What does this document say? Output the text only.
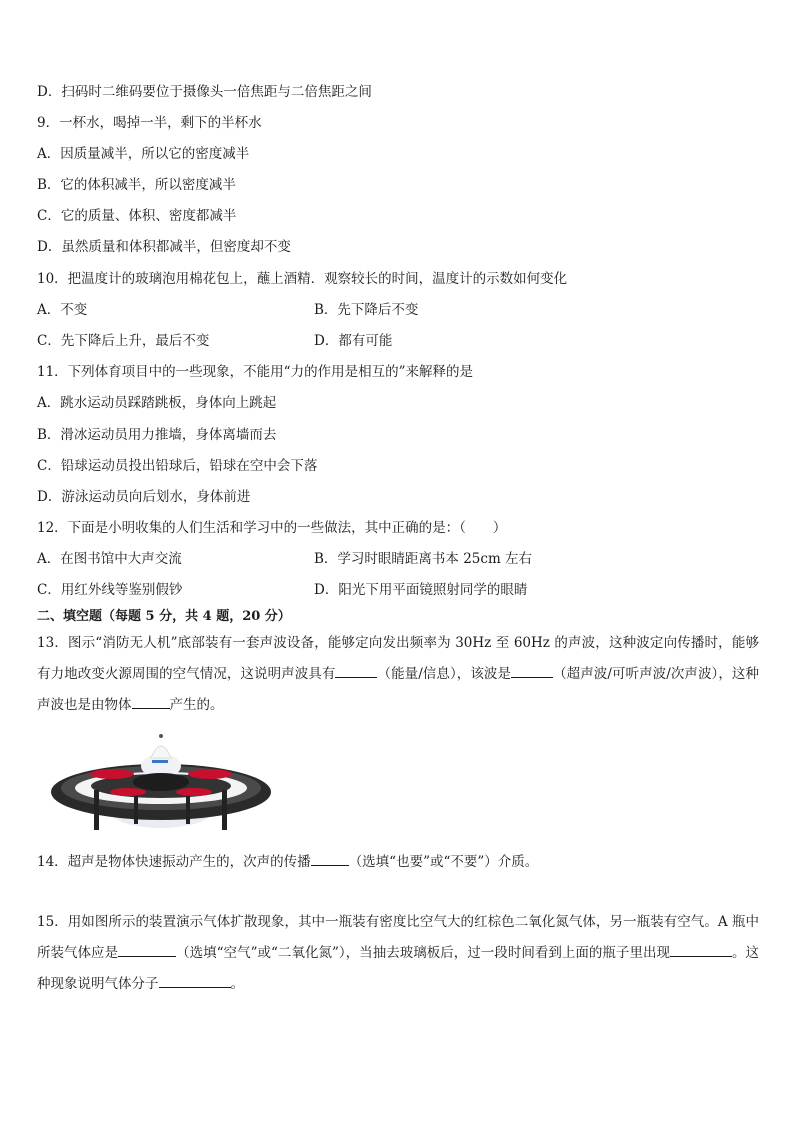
D．扫码时二维码要位于摄像头一倍焦距与二倍焦距之间
9．一杯水，喝掉一半，剩下的半杯水
A．因质量减半，所以它的密度减半
B．它的体积减半，所以密度减半
C．它的质量、体积、密度都减半
D．虽然质量和体积都减半，但密度却不变
10．把温度计的玻璃泡用棉花包上，蘸上酒精．观察较长的时间，温度计的示数如何变化
A．不变	B．先下降后不变
C．先下降后上升，最后不变	D．都有可能
11．下列体育项目中的一些现象，不能用“力的作用是相互的”来解释的是
A．跳水运动员踩踏跳板，身体向上跳起
B．滑冰运动员用力推墙，身体离墙而去
C．铅球运动员投出铅球后，铅球在空中会下落
D．游泳运动员向后划水，身体前进
12．下面是小明收集的人们生活和学习中的一些做法，其中正确的是：（　　）
A．在图书馆中大声交流	B．学习时眼睛距离书本 25cm 左右
C．用红外线等鉴别假钞	D．阳光下用平面镜照射同学的眼睛
二、填空题（每题 5 分，共 4 题，20 分）
13．图示“消防无人机”底部装有一套声波设备，能够定向发出频率为 30Hz 至 60Hz 的声波，这种波定向传播时，能够有力地改变火源周围的空气情况，这说明声波具有	（能量/信息），该波是	（超声波/可听声波/次声波），这种声波也是由物体	产生的。
14．超声是物体快速振动产生的，次声的传播	（选填“也要”或“不要”）介质。
15．用如图所示的装置演示气体扩散现象，其中一瓶装有密度比空气大的红棕色二氧化氮气体，另一瓶装有空气。A 瓶中所装气体应是	（选填“空气”或“二氧化氮”），当抽去玻璃板后，过一段时间看到上面的瓶子里出现	。这种现象说明气体分子	。
